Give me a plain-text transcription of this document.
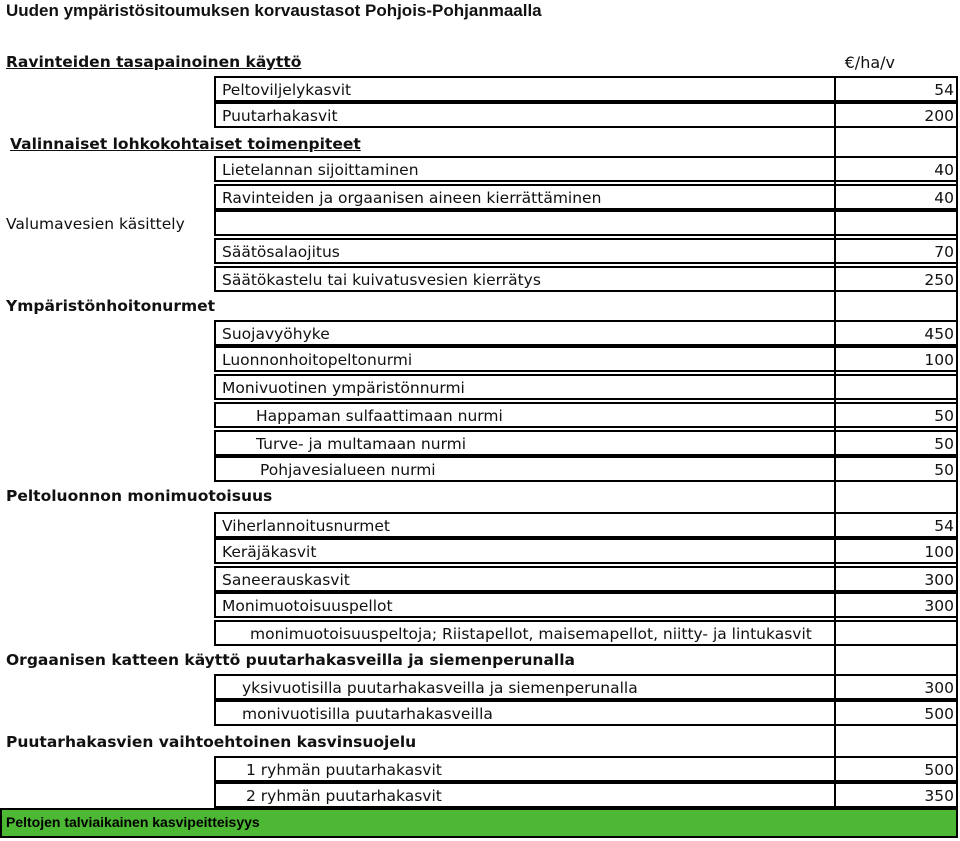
Uuden ympäristösitoumuksen korvaustasot Pohjois-Pohjanmaalla
Ravinteiden tasapainoinen käyttö	€/ha/v
Peltoviljelykasvit	54
Puutarhakasvit	200
Valinnaiset lohkokohtaiset toimenpiteet
Lietelannan sijoittaminen	40
Ravinteiden ja orgaanisen aineen kierrättäminen	40
Valumavesien käsittely
Säätösalaojitus	70
Säätökastelu tai kuivatusvesien kierrätys	250
Ympäristönhoitonurmet
Suojavyöhyke	450
Luonnonhoitopeltonurmi	100
Monivuotinen ympäristönnurmi
Happaman sulfaattimaan nurmi	50
Turve- ja multamaan nurmi	50
Pohjavesialueen nurmi	50
Peltoluonnon monimuotoisuus
Viherlannoitusnurmet	54
Keräjäkasvit	100
Saneerauskasvit	300
Monimuotoisuuspellot	300
monimuotoisuuspeltoja; Riistapellot, maisemapellot, niitty- ja lintukasvit
Orgaanisen katteen käyttö puutarhakasveilla ja siemenperunalla
yksivuotisilla puutarhakasveilla ja siemenperunalla	300
monivuotisilla puutarhakasveilla	500
Puutarhakasvien vaihtoehtoinen kasvinsuojelu
1 ryhmän puutarhakasvit	500
2 ryhmän puutarhakasvit	350
Peltojen talviaikainen kasvipeitteisyys
